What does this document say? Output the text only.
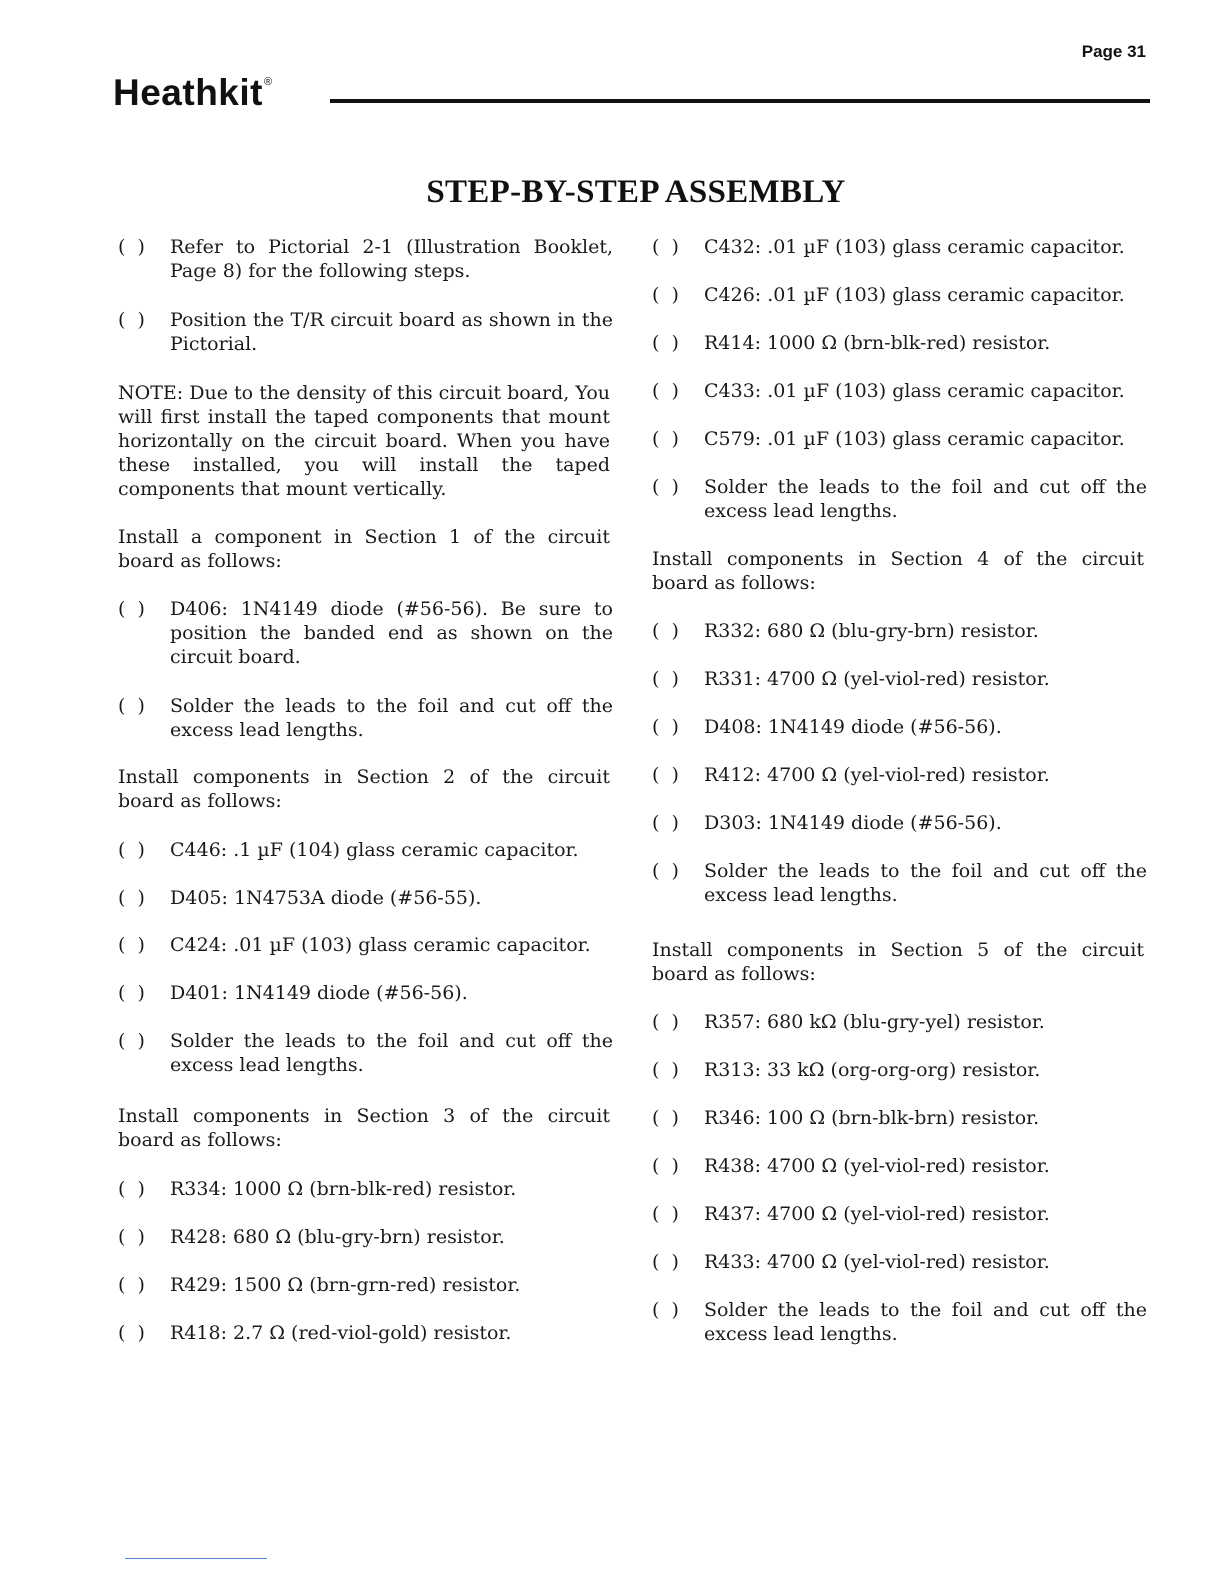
Page 31
Heathkit®
STEP-BY-STEP ASSEMBLY
(  )	Refer to Pictorial 2-1 (Illustration Booklet, Page 8) for the following steps.
(  )	Position the T/R circuit board as shown in the Pictorial.
NOTE: Due to the density of this circuit board, You will first install the taped components that mount horizontally on the circuit board. When you have these installed, you will install the taped components that mount vertically.
Install a component in Section 1 of the circuit board as follows:
(  )	D406: 1N4149 diode (#56-56). Be sure to position the banded end as shown on the circuit board.
(  )	Solder the leads to the foil and cut off the excess lead lengths.
Install components in Section 2 of the circuit board as follows:
(  )	C446: .1 µF (104) glass ceramic capacitor.
(  )	D405: 1N4753A diode (#56-55).
(  )	C424: .01 µF (103) glass ceramic capacitor.
(  )	D401: 1N4149 diode (#56-56).
(  )	Solder the leads to the foil and cut off the excess lead lengths.
Install components in Section 3 of the circuit board as follows:
(  )	R334: 1000 Ω (brn-blk-red) resistor.
(  )	R428: 680 Ω (blu-gry-brn) resistor.
(  )	R429: 1500 Ω (brn-grn-red) resistor.
(  )	R418: 2.7 Ω (red-viol-gold) resistor.
(  )	C432: .01 µF (103) glass ceramic capacitor.
(  )	C426: .01 µF (103) glass ceramic capacitor.
(  )	R414: 1000 Ω (brn-blk-red) resistor.
(  )	C433: .01 µF (103) glass ceramic capacitor.
(  )	C579: .01 µF (103) glass ceramic capacitor.
(  )	Solder the leads to the foil and cut off the excess lead lengths.
Install components in Section 4 of the circuit board as follows:
(  )	R332: 680 Ω (blu-gry-brn) resistor.
(  )	R331: 4700 Ω (yel-viol-red) resistor.
(  )	D408: 1N4149 diode (#56-56).
(  )	R412: 4700 Ω (yel-viol-red) resistor.
(  )	D303: 1N4149 diode (#56-56).
(  )	Solder the leads to the foil and cut off the excess lead lengths.
Install components in Section 5 of the circuit board as follows:
(  )	R357: 680 kΩ (blu-gry-yel) resistor.
(  )	R313: 33 kΩ (org-org-org) resistor.
(  )	R346: 100 Ω (brn-blk-brn) resistor.
(  )	R438: 4700 Ω (yel-viol-red) resistor.
(  )	R437: 4700 Ω (yel-viol-red) resistor.
(  )	R433: 4700 Ω (yel-viol-red) resistor.
(  )	Solder the leads to the foil and cut off the excess lead lengths.
